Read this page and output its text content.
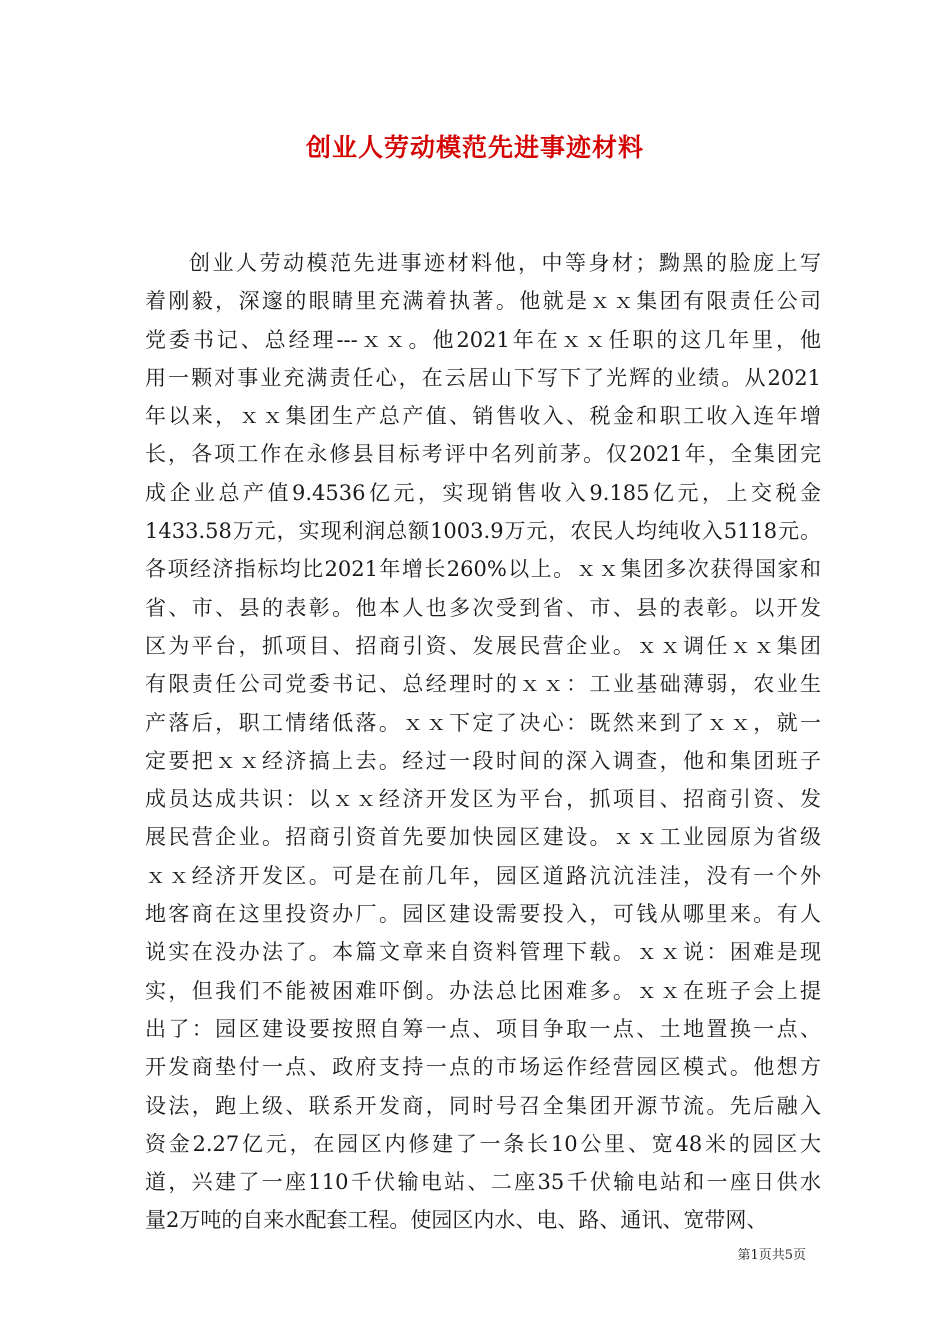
创业人劳动模范先进事迹材料
创业人劳动模范先进事迹材料他，中等身材；黝黑的脸庞上写
着刚毅，深邃的眼睛里充满着执著。他就是ｘｘ集团有限责任公司
党委书记、总经理---ｘｘ。他2021年在ｘｘ任职的这几年里，他
用一颗对事业充满责任心，在云居山下写下了光辉的业绩。从2021
年以来，ｘｘ集团生产总产值、销售收入、税金和职工收入连年增
长，各项工作在永修县目标考评中名列前茅。仅2021年，全集团完
成企业总产值9.4536亿元，实现销售收入9.185亿元，上交税金
1433.58万元，实现利润总额1003.9万元，农民人均纯收入5118元。
各项经济指标均比2021年增长260%以上。ｘｘ集团多次获得国家和
省、市、县的表彰。他本人也多次受到省、市、县的表彰。以开发
区为平台，抓项目、招商引资、发展民营企业。ｘｘ调任ｘｘ集团
有限责任公司党委书记、总经理时的ｘｘ：工业基础薄弱，农业生
产落后，职工情绪低落。ｘｘ下定了决心：既然来到了ｘｘ，就一
定要把ｘｘ经济搞上去。经过一段时间的深入调查，他和集团班子
成员达成共识：以ｘｘ经济开发区为平台，抓项目、招商引资、发
展民营企业。招商引资首先要加快园区建设。ｘｘ工业园原为省级
ｘｘ经济开发区。可是在前几年，园区道路沆沆洼洼，没有一个外
地客商在这里投资办厂。园区建设需要投入，可钱从哪里来。有人
说实在没办法了。本篇文章来自资料管理下载。ｘｘ说：困难是现
实，但我们不能被困难吓倒。办法总比困难多。ｘｘ在班子会上提
出了：园区建设要按照自筹一点、项目争取一点、土地置换一点、
开发商垫付一点、政府支持一点的市场运作经营园区模式。他想方
设法，跑上级、联系开发商，同时号召全集团开源节流。先后融入
资金2.27亿元，在园区内修建了一条长10公里、宽48米的园区大
道，兴建了一座110千伏输电站、二座35千伏输电站和一座日供水
量2万吨的自来水配套工程。使园区内水、电、路、通讯、宽带网、
第1页共5页
